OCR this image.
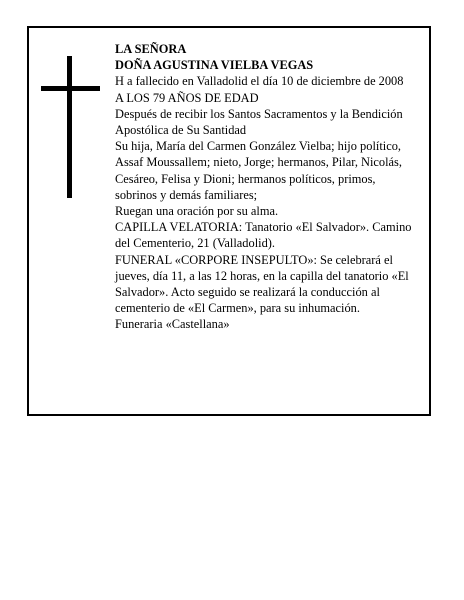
LA SEÑORA

DOÑA AGUSTINA VIELBA VEGAS

H a fallecido en Valladolid el día 10 de diciembre de 2008

A LOS 79 AÑOS DE EDAD

Después de recibir los Santos Sacramentos y la Bendición Apostólica de Su Santidad

Su hija, María del Carmen González Vielba; hijo político, Assaf Moussallem; nieto, Jorge; hermanos, Pilar, Nicolás, Cesáreo, Felisa y Dioni; hermanos políticos, primos, sobrinos y demás familiares;

Ruegan una oración por su alma.

CAPILLA VELATORIA: Tanatorio «El Salvador». Camino del Cementerio, 21 (Valladolid).

FUNERAL «CORPORE INSEPULTO»: Se celebrará el jueves, día 11, a las 12 horas, en la capilla del tanatorio «El Salvador». Acto seguido se realizará la conducción al cementerio de «El Carmen», para su inhumación.

Funeraria «Castellana»
